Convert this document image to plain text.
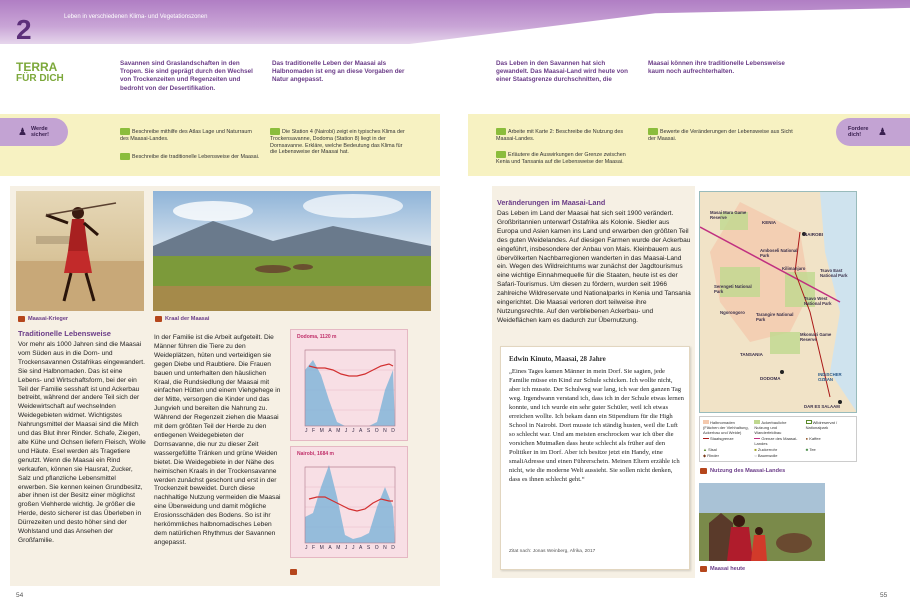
2	Leben in verschiedenen Klima- und Vegetationszonen
TERRA
FÜR DICH
Savannen sind Graslandschaften in den Tropen. Sie sind geprägt durch den Wechsel von Trockenzeiten und Regenzeiten und bedroht von der Desertifikation.
Das traditionelle Leben der Maasai als Halbnomaden ist eng an diese Vorgaben der Natur angepasst.
Das Leben in den Savannen hat sich gewandelt. Das Maasai-Land wird heute von einer Staatsgrenze durchschnitten, die
Maasai können ihre traditionelle Lebensweise kaum noch aufrechterhalten.
♟ Werde sicher!
Fordere dich!	♟
Beschreibe mithilfe des Atlas Lage und Naturraum des Maasai-Landes.
Beschreibe die traditionelle Lebensweise der Maasai.
Die Station 4 (Nairobi) zeigt ein typisches Klima der Trockensavanne, Dodoma (Station 8) liegt in der Dornsavanne. Erkläre, welche Bedeutung das Klima für die Lebensweise der Maasai hat.
Arbeite mit Karte 2: Beschreibe die Nutzung des Maasai-Landes.
Erläutere die Auswirkungen der Grenze zwischen Kenia und Tansania auf die Lebensweise der Maasai.
Bewerte die Veränderungen der Lebensweise aus Sicht der Maasai.
Maasai-Krieger	Kraal der Maasai
Traditionelle Lebensweise
Vor mehr als 1000 Jahren sind die Maasai vom Süden aus in die Dorn- und Trockensavannen Ostafrikas eingewandert. Sie sind Halbnomaden. Das ist eine Lebens- und Wirtschaftsform, bei der ein Teil der Familie sesshaft ist und Ackerbau betreibt, während der andere Teil sich der Weidewirtschaft auf wechselnden Weidegebieten widmet. Wichtigstes Nahrungsmittel der Maasai sind die Milch und das Blut ihrer Rinder. Schafe, Ziegen, alte Kühe und Ochsen liefern Fleisch, Wolle und Häute. Esel werden als Tragetiere genutzt. Wenn die Maasai ein Rind verkaufen, können sie Hausrat, Zucker, Salz und pflanzliche Lebensmittel erwerben. Sie kennen keinen Grundbesitz, aber ihnen ist der Besitz einer möglichst großen Viehherde wichtig. Je größer die Herde, desto sicherer ist das Überleben in Dürrezeiten und desto höher sind der Wohlstand und das Ansehen der Großfamilie.
In der Familie ist die Arbeit aufgeteilt. Die Männer führen die Tiere zu den Weideplätzen, hüten und verteidigen sie gegen Diebe und Raubtiere. Die Frauen bauen und unterhalten den häuslichen Kraal, die Rundsiedlung der Maasai mit einfachen Hütten und einem Viehgehege in der Mitte, versorgen die Kinder und das Jungvieh und bereiten die Nahrung zu. Während der Regenzeit ziehen die Maasai mit dem größten Teil der Herde zu den entlegenen Weidegebieten der Dornsavanne, die nur zu dieser Zeit wassergefüllte Tränken und grüne Weiden bietet. Die Weidegebiete in der Nähe des heimischen Kraals in der Trockensavanne werden zunächst geschont und erst in der Trockenzeit beweidet. Durch diese nachhaltige Nutzung vermeiden die Maasai eine Überweidung und damit mögliche Erosionsschäden des Bodens. So ist ihr herkömmliches halbnomadisches Leben dem natürlichen Rhythmus der Savannen angepasst.
Dodoma, 1120 m
J F M A M J J A S O N D
Nairobi, 1684 m
J F M A M J J A S O N D
54
Veränderungen im Maasai-Land
Das Leben im Land der Maasai hat sich seit 1900 verändert. Großbritannien unterwarf Ostafrika als Kolonie. Siedler aus Europa und Asien kamen ins Land und erwarben den größten Teil des guten Weidelandes. Auf diesigen Farmen wurde der Ackerbau eingeführt, insbesondere der Anbau von Mais. Kleinbauern aus übervölkerten Nachbarregionen wanderten in das Maasai-Land ein. Wegen des Wildreichtums war zunächst der Jagdtourismus eine wichtige Einnahmequelle für die Staaten, heute ist es der Safari-Tourismus. Um diesen zu fördern, wurden seit 1966 zahlreiche Wildreservate und Nationalparks in Kenia und Tansania eingerichtet. Die Maasai verloren dort teilweise ihre Nutzungsrechte. Auf den verbliebenen Ackerbau- und Weideflächen kam es dadurch zur Übernutzung.
Edwin Kinuto, Maasai, 28 Jahre
„Eines Tages kamen Männer in mein Dorf. Sie sagten, jede Familie müsse ein Kind zur Schule schicken. Ich wollte nicht, aber ich musste. Der Schulweg war lang, ich war den ganzen Tag weg. Irgendwann verstand ich, dass ich in der Schule etwas lernen konnte, und ich wurde ein sehr guter Schüler, weil ich etwas erreichen wollte. Ich bekam dann ein Stipendium für die High School in Nairobi. Dort musste ich ständig husten, weil die Luft so schlecht war. Und am meisten erschrocken war ich über die vorsichen Mutmaßen dass heute schlecht als früher auf den Politiker in im Dorf. Aber ich besitze jetzt ein Handy, eine smaliAdresse und einen Führerschein. Meinen Eltern erzähle ich nicht, wie die moderne Welt aussieht. Sie sollen nicht denken, dass es ihnen schlecht geht.“
Zitat nach: Jonas Weinberg, Afrika, 2017
Masai Mara Game Reserve
NAIROBI
Amboseli National Park
Serengeti National Park
Tarangire National Park
DODOMA
KENIA
TANSANIA
INDISCHER OZEAN
DAR ES SALAAM
Tsavo East National Park
Tsavo West National Park
Ngorongoro
Kilimanjaro
Mkomazi Game Reserve
Halbnomaden (Flächen der Viehhaltung, Ackerbau und Weide)
Ackerbauliche Nutzung und Wanderfeldbau
Wildreservat / Nationalpark
Staatsgrenze	Grenze des Maasai-Landes
● Kaffee
▲ Sisal	■ Zuckerrohr	♣ Tee
◆ Rinder	○ Baumwolle
Nutzung des Maasai-Landes
Maasai heute
55
